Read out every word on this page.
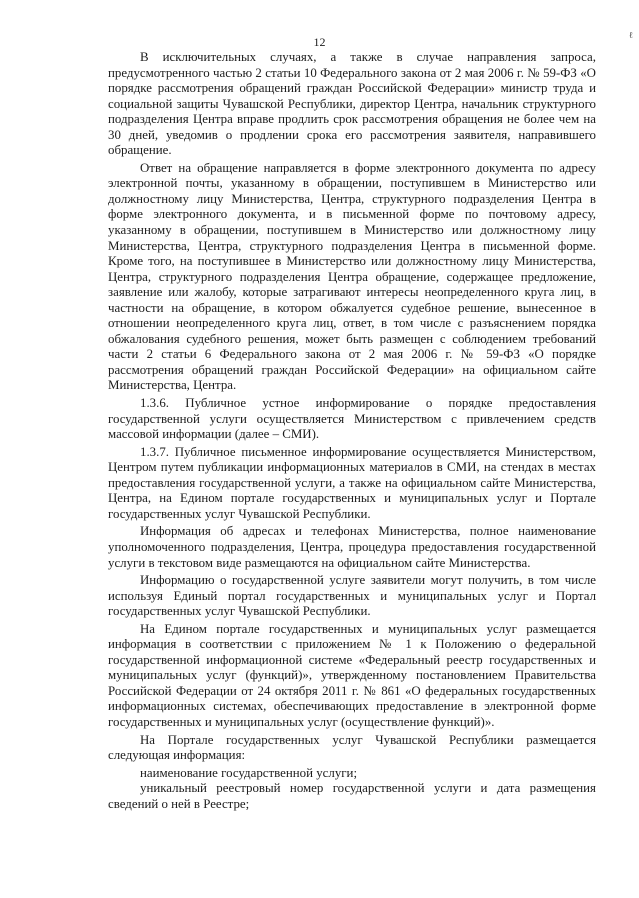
ℓ
12

В исключительных случаях, а также в случае направления запроса, предусмотренного частью 2 статьи 10 Федерального закона от 2 мая 2006 г. № 59-ФЗ «О порядке рассмотрения обращений граждан Российской Федерации» министр труда и социальной защиты Чувашской Республики, директор Центра, начальник структурного подразделения Центра вправе продлить срок рассмотрения обращения не более чем на 30 дней, уведомив о продлении срока его рассмотрения заявителя, направившего обращение.

Ответ на обращение направляется в форме электронного документа по адресу электронной почты, указанному в обращении, поступившем в Министерство или должностному лицу Министерства, Центра, структурного подразделения Центра в форме электронного документа, и в письменной форме по почтовому адресу, указанному в обращении, поступившем в Министерство или должностному лицу Министерства, Центра, структурного подразделения Центра в письменной форме. Кроме того, на поступившее в Министерство или должностному лицу Министерства, Центра, структурного подразделения Центра обращение, содержащее предложение, заявление или жалобу, которые затрагивают интересы неопределенного круга лиц, в частности на обращение, в котором обжалуется судебное решение, вынесенное в отношении неопределенного круга лиц, ответ, в том числе с разъяснением порядка обжалования судебного решения, может быть размещен с соблюдением требований части 2 статьи 6 Федерального закона от 2 мая 2006 г. № 59-ФЗ «О порядке рассмотрения обращений граждан Российской Федерации» на официальном сайте Министерства, Центра.

1.3.6. Публичное устное информирование о порядке предоставления государственной услуги осуществляется Министерством с привлечением средств массовой информации (далее – СМИ).

1.3.7. Публичное письменное информирование осуществляется Министерством, Центром путем публикации информационных материалов в СМИ, на стендах в местах предоставления государственной услуги, а также на официальном сайте Министерства, Центра, на Едином портале государственных и муниципальных услуг и Портале государственных услуг Чувашской Республики.

Информация об адресах и телефонах Министерства, полное наименование уполномоченного подразделения, Центра, процедура предоставления государственной услуги в текстовом виде размещаются на официальном сайте Министерства.

Информацию о государственной услуге заявители могут получить, в том числе используя Единый портал государственных и муниципальных услуг и Портал государственных услуг Чувашской Республики.

На Едином портале государственных и муниципальных услуг размещается информация в соответствии с приложением № 1 к Положению о федеральной государственной информационной системе «Федеральный реестр государственных и муниципальных услуг (функций)», утвержденному постановлением Правительства Российской Федерации от 24 октября 2011 г. № 861 «О федеральных государственных информационных системах, обеспечивающих предоставление в электронной форме государственных и муниципальных услуг (осуществление функций)».

На Портале государственных услуг Чувашской Республики размещается следующая информация:

наименование государственной услуги;

уникальный реестровый номер государственной услуги и дата размещения сведений о ней в Реестре;
